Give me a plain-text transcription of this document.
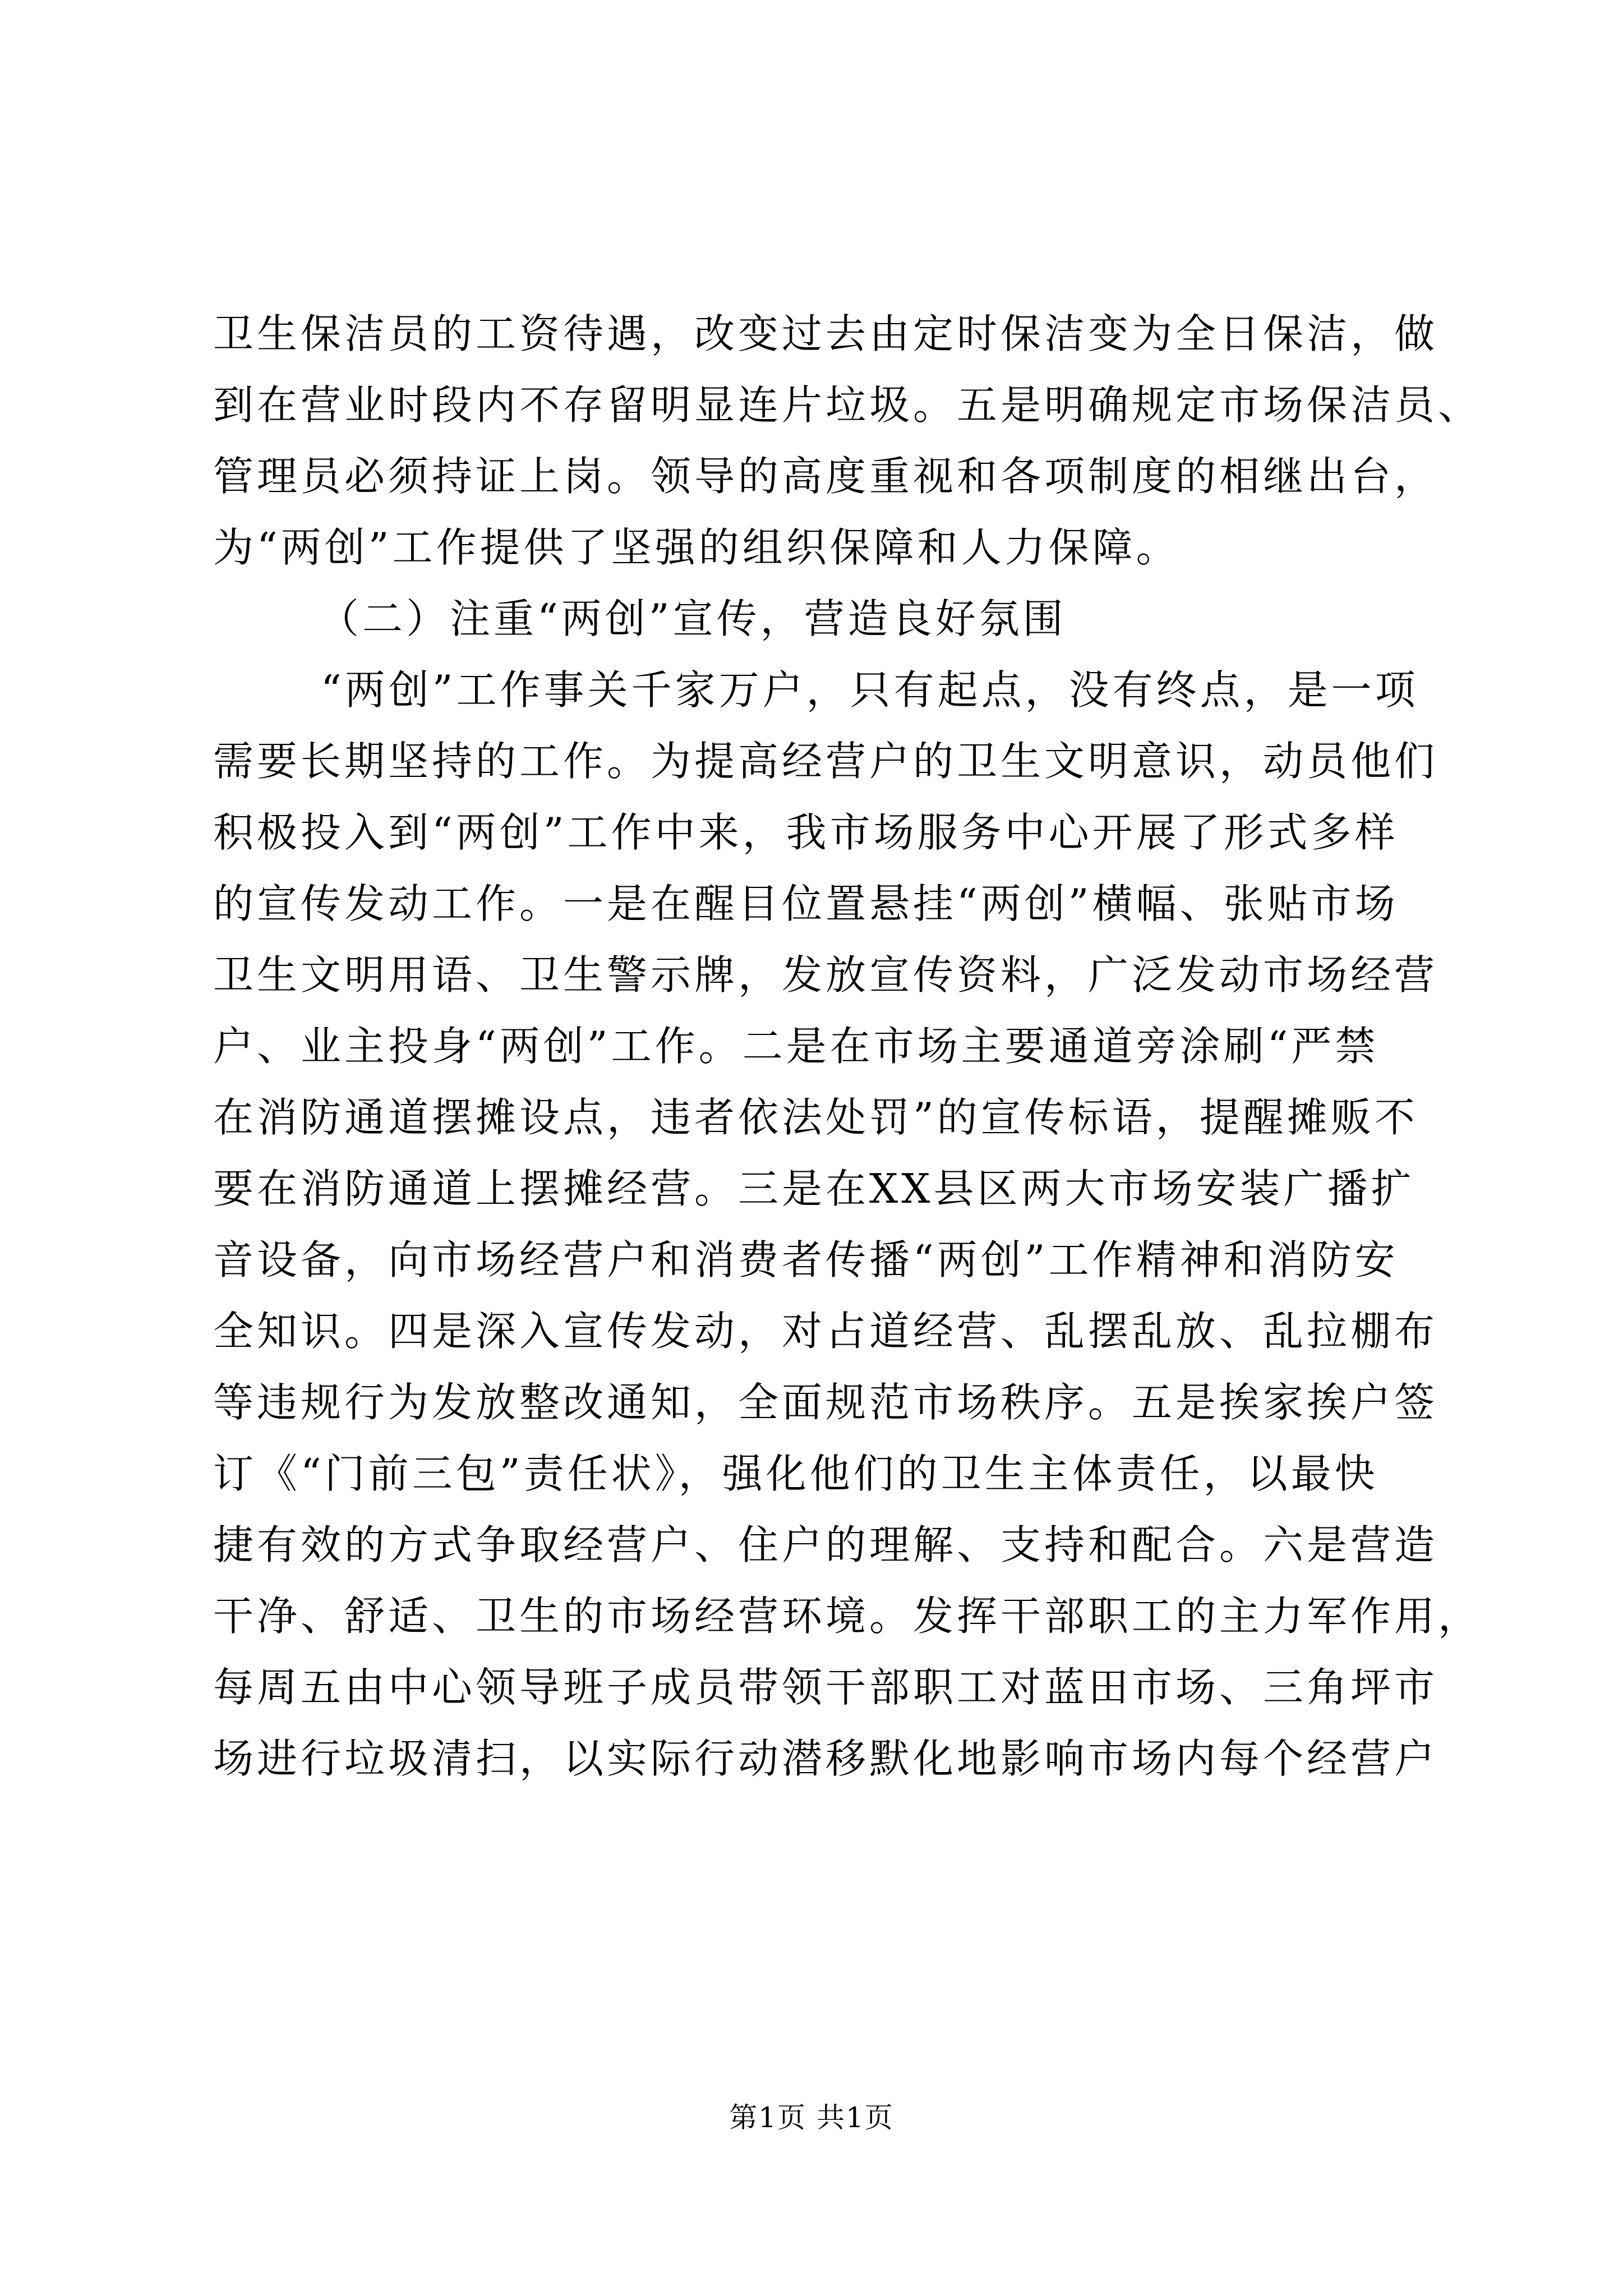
卫生保洁员的工资待遇，改变过去由定时保洁变为全日保洁，做
到在营业时段内不存留明显连片垃圾。五是明确规定市场保洁员、
管理员必须持证上岗。领导的高度重视和各项制度的相继出台，
为“两创”工作提供了坚强的组织保障和人力保障。
（二）注重“两创”宣传，营造良好氛围
“两创”工作事关千家万户，只有起点，没有终点，是一项
需要长期坚持的工作。为提高经营户的卫生文明意识，动员他们
积极投入到“两创”工作中来，我市场服务中心开展了形式多样
的宣传发动工作。一是在醒目位置悬挂“两创”横幅、张贴市场
卫生文明用语、卫生警示牌，发放宣传资料，广泛发动市场经营
户、业主投身“两创”工作。二是在市场主要通道旁涂刷“严禁
在消防通道摆摊设点，违者依法处罚”的宣传标语，提醒摊贩不
要在消防通道上摆摊经营。三是在XX县区两大市场安装广播扩
音设备，向市场经营户和消费者传播“两创”工作精神和消防安
全知识。四是深入宣传发动，对占道经营、乱摆乱放、乱拉棚布
等违规行为发放整改通知，全面规范市场秩序。五是挨家挨户签
订《“门前三包”责任状》，强化他们的卫生主体责任，以最快
捷有效的方式争取经营户、住户的理解、支持和配合。六是营造
干净、舒适、卫生的市场经营环境。发挥干部职工的主力军作用，
每周五由中心领导班子成员带领干部职工对蓝田市场、三角坪市
场进行垃圾清扫，以实际行动潜移默化地影响市场内每个经营户
第1页 共1页
